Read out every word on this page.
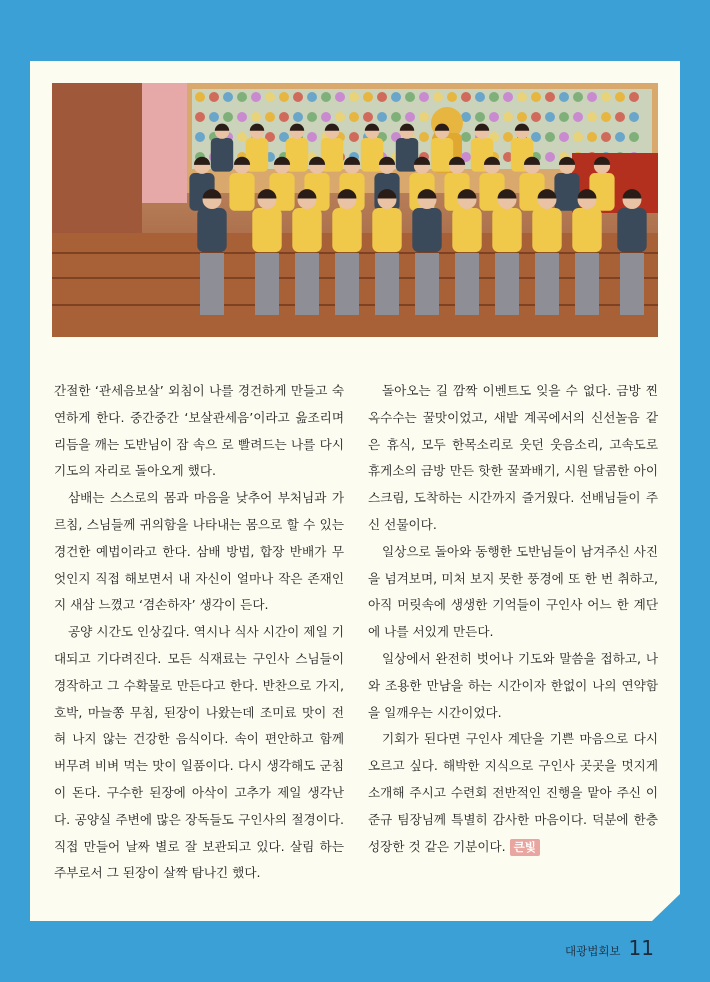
간절한 ‘관세음보살’ 외침이 나를 경건하게 만들고 숙연하게 한다. 중간중간 ‘보살관세음’이라고 읊조리며 리듬을 깨는 도반님이 잠 속으 로 빨려드는 나를 다시 기도의 자리로 돌아오게 했다.

삼배는 스스로의 몸과 마음을 낮추어 부처님과 가르침, 스님들께 귀의함을 나타내는 몸으로 할 수 있는 경건한 예법이라고 한다. 삼배 방법, 합장 반배가 무엇인지 직접 해보면서 내 자신이 얼마나 작은 존재인지 새삼 느꼈고 ‘겸손하자’ 생각이 든다.

공양 시간도 인상깊다. 역시나 식사 시간이 제일 기대되고 기다려진다. 모든 식재료는 구인사 스님들이 경작하고 그 수확물로 만든다고 한다. 반찬으로 가지, 호박, 마늘쫑 무침, 된장이 나왔는데 조미료 맛이 전혀 나지 않는 건강한 음식이다. 속이 편안하고 함께 버무려 비벼 먹는 맛이 일품이다. 다시 생각해도 군침이 돈다. 구수한 된장에 아삭이 고추가 제일 생각난다. 공양실 주변에 많은 장독들도 구인사의 절경이다. 직접 만들어 날짜 별로 잘 보관되고 있다. 살림 하는 주부로서 그 된장이 살짝 탐나긴 했다.

돌아오는 길 깜짝 이벤트도 잊을 수 없다. 금방 찐 옥수수는 꿀맛이었고, 새밭 계곡에서의 신선놀음 같은 휴식, 모두 한목소리로 웃던 웃음소리, 고속도로 휴게소의 금방 만든 핫한 꿀꽈배기, 시원 달콤한 아이스크림, 도착하는 시간까지 즐거웠다. 선배님들이 주신 선물이다.

일상으로 돌아와 동행한 도반님들이 남겨주신 사진을 넘겨보며, 미처 보지 못한 풍경에 또 한 번 취하고, 아직 머릿속에 생생한 기억들이 구인사 어느 한 계단에 나를 서있게 만든다.

일상에서 완전히 벗어나 기도와 말씀을 접하고, 나와 조용한 만남을 하는 시간이자 한없이 나의 연약함을 일깨우는 시간이었다.

기회가 된다면 구인사 계단을 기쁜 마음으로 다시 오르고 싶다. 해박한 지식으로 구인사 곳곳을 멋지게 소개해 주시고 수련회 전반적인 진행을 맡아 주신 이준규 팀장님께 특별히 감사한 마음이다. 덕분에 한층 성장한 것 같은 기분이다. 큰빛

대광법회보 11
